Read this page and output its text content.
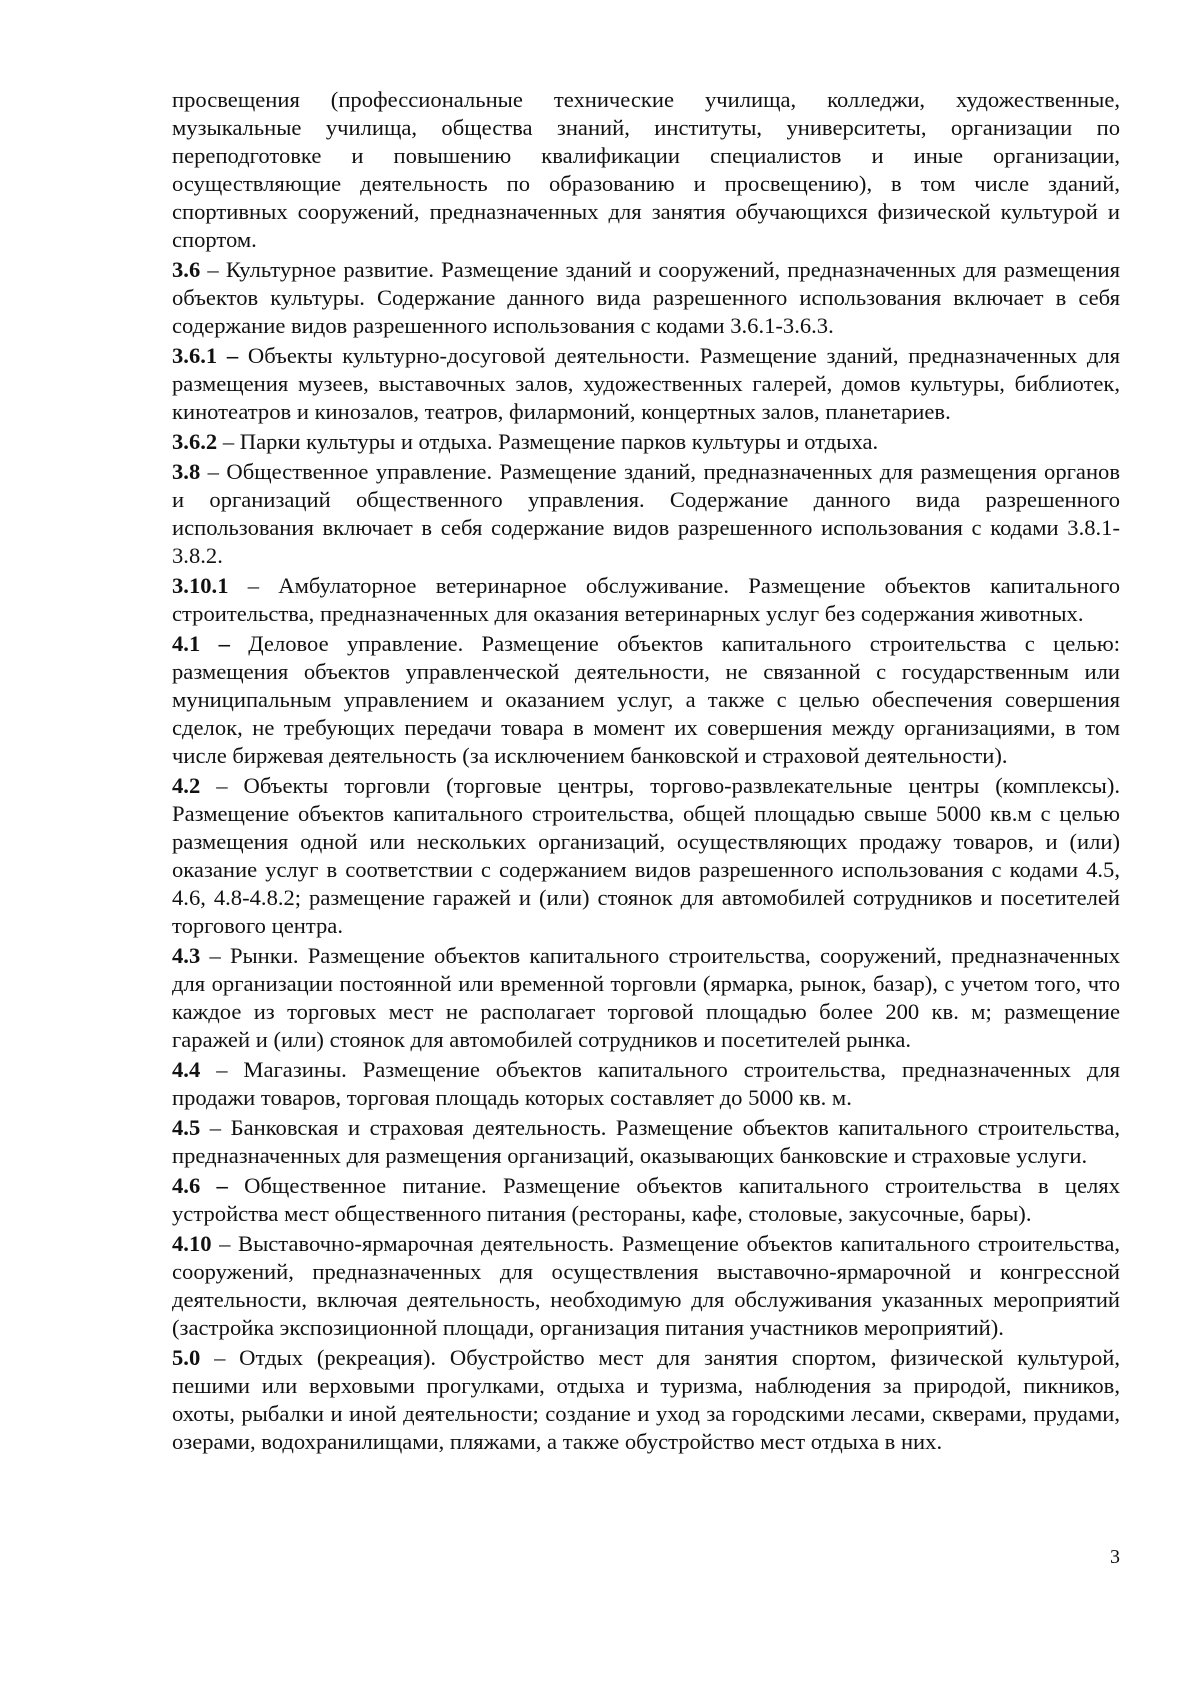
просвещения (профессиональные технические училища, колледжи, художественные, музыкальные училища, общества знаний, институты, университеты, организации по переподготовке и повышению квалификации специалистов и иные организации, осуществляющие деятельность по образованию и просвещению), в том числе зданий, спортивных сооружений, предназначенных для занятия обучающихся физической культурой и спортом.

3.6 – Культурное развитие. Размещение зданий и сооружений, предназначенных для размещения объектов культуры. Содержание данного вида разрешенного использования включает в себя содержание видов разрешенного использования с кодами 3.6.1-3.6.3.

3.6.1 – Объекты культурно-досуговой деятельности. Размещение зданий, предназначенных для размещения музеев, выставочных залов, художественных галерей, домов культуры, библиотек, кинотеатров и кинозалов, театров, филармоний, концертных залов, планетариев.

3.6.2 – Парки культуры и отдыха. Размещение парков культуры и отдыха.

3.8 – Общественное управление. Размещение зданий, предназначенных для размещения органов и организаций общественного управления. Содержание данного вида разрешенного использования включает в себя содержание видов разрешенного использования с кодами 3.8.1-3.8.2.

3.10.1 – Амбулаторное ветеринарное обслуживание. Размещение объектов капитального строительства, предназначенных для оказания ветеринарных услуг без содержания животных.

4.1 – Деловое управление. Размещение объектов капитального строительства с целью: размещения объектов управленческой деятельности, не связанной с государственным или муниципальным управлением и оказанием услуг, а также с целью обеспечения совершения сделок, не требующих передачи товара в момент их совершения между организациями, в том числе биржевая деятельность (за исключением банковской и страховой деятельности).

4.2 – Объекты торговли (торговые центры, торгово-развлекательные центры (комплексы). Размещение объектов капитального строительства, общей площадью свыше 5000 кв.м с целью размещения одной или нескольких организаций, осуществляющих продажу товаров, и (или) оказание услуг в соответствии с содержанием видов разрешенного использования с кодами 4.5, 4.6, 4.8-4.8.2; размещение гаражей и (или) стоянок для автомобилей сотрудников и посетителей торгового центра.

4.3 – Рынки. Размещение объектов капитального строительства, сооружений, предназначенных для организации постоянной или временной торговли (ярмарка, рынок, базар), с учетом того, что каждое из торговых мест не располагает торговой площадью более 200 кв. м; размещение гаражей и (или) стоянок для автомобилей сотрудников и посетителей рынка.

4.4 – Магазины. Размещение объектов капитального строительства, предназначенных для продажи товаров, торговая площадь которых составляет до 5000 кв. м.

4.5 – Банковская и страховая деятельность. Размещение объектов капитального строительства, предназначенных для размещения организаций, оказывающих банковские и страховые услуги.

4.6 – Общественное питание. Размещение объектов капитального строительства в целях устройства мест общественного питания (рестораны, кафе, столовые, закусочные, бары).

4.10 – Выставочно-ярмарочная деятельность. Размещение объектов капитального строительства, сооружений, предназначенных для осуществления выставочно-ярмарочной и конгрессной деятельности, включая деятельность, необходимую для обслуживания указанных мероприятий (застройка экспозиционной площади, организация питания участников мероприятий).

5.0 – Отдых (рекреация). Обустройство мест для занятия спортом, физической культурой, пешими или верховыми прогулками, отдыха и туризма, наблюдения за природой, пикников, охоты, рыбалки и иной деятельности; создание и уход за городскими лесами, скверами, прудами, озерами, водохранилищами, пляжами, а также обустройство мест отдыха в них.

3
